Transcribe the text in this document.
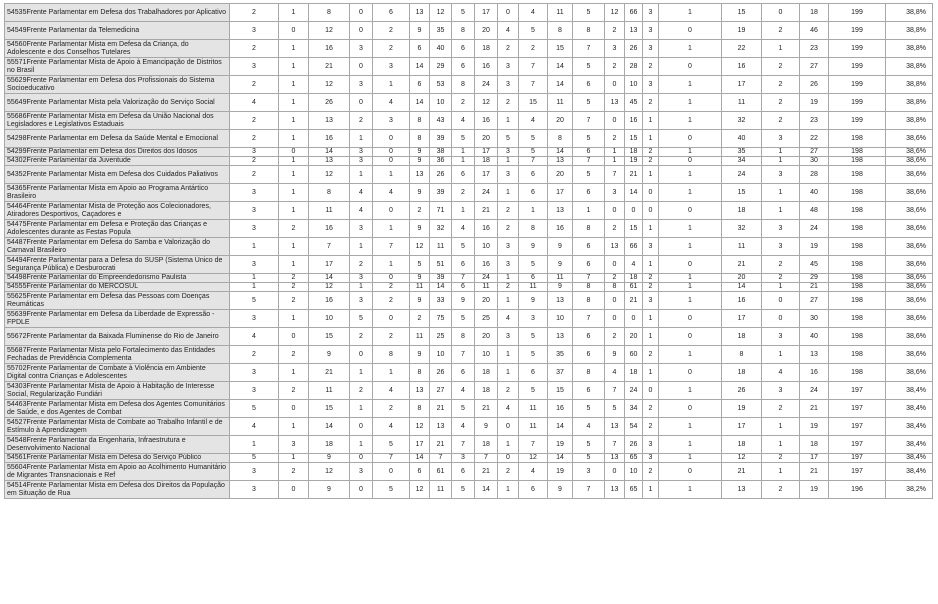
54535Frente Parlamentar em Defesa dos Trabalhadores por Aplicativo	2	1	8	0	6	13	12	5	17	0	4	11	5	12	66	3	1	15	0	18	199	38,8%
54549Frente Parlamentar da Telemedicina	3	0	12	0	2	9	35	8	20	4	5	8	8	2	13	3	0	19	2	46	199	38,8%
54560Frente Parlamentar Mista em Defesa da Criança, do Adolescente e dos Conselhos Tutelares	2	1	16	3	2	6	40	6	18	2	2	15	7	3	26	3	1	22	1	23	199	38,8%
55571Frente Parlamentar Mista de Apoio à Emancipação de Distritos no Brasil	3	1	21	0	3	14	29	6	16	3	7	14	5	2	28	2	0	16	2	27	199	38,8%
55629Frente Parlamentar em Defesa dos Profissionais do Sistema Socioeducativo	2	1	12	3	1	6	53	8	24	3	7	14	6	0	10	3	1	17	2	26	199	38,8%
55649Frente Parlamentar Mista pela Valorização do Serviço Social	4	1	26	0	4	14	10	2	12	2	15	11	5	13	45	2	1	11	2	19	199	38,8%
55686Frente Parlamentar Mista em Defesa da União Nacional dos Legisladores e Legislativos Estaduais	2	1	13	2	3	8	43	4	16	1	4	20	7	0	16	1	1	32	2	23	199	38,8%
54298Frente Parlamentar em Defesa da Saúde Mental e Emocional	2	1	16	1	0	8	39	5	20	5	5	8	5	2	15	1	0	40	3	22	198	38,6%
54299Frente Parlamentar em Defesa dos Direitos dos Idosos	3	0	14	3	0	9	38	1	17	3	5	14	6	1	18	2	1	35	1	27	198	38,6%
54302Frente Parlamentar da Juventude	2	1	13	3	0	9	36	1	18	1	7	13	7	1	19	2	0	34	1	30	198	38,6%
54352Frente Parlamentar Mista em Defesa dos Cuidados Paliativos	2	1	12	1	1	13	26	6	17	3	6	20	5	7	21	1	1	24	3	28	198	38,6%
54365Frente Parlamentar Mista em Apoio ao Programa Antártico Brasileiro	3	1	8	4	4	9	39	2	24	1	6	17	6	3	14	0	1	15	1	40	198	38,6%
54464Frente Parlamentar Mista de Proteção aos Colecionadores, Atiradores Desportivos, Caçadores e	3	1	11	4	0	2	71	1	21	2	1	13	1	0	0	0	0	18	1	48	198	38,6%
54475Frente Parlamentar em Defesa e Proteção das Crianças e Adolescentes durante as Festas Popula	3	2	16	3	1	9	32	4	16	2	8	16	8	2	15	1	1	32	3	24	198	38,6%
54487Frente Parlamentar em Defesa do Samba e Valorização do Carnaval Brasileiro	1	1	7	1	7	12	11	5	10	3	9	9	6	13	66	3	1	11	3	19	198	38,6%
54494Frente Parlamentar para a Defesa do SUSP (Sistema Único de Segurança Pública) e Desburocrati	3	1	17	2	1	5	51	6	16	3	5	9	6	0	4	1	0	21	2	45	198	38,6%
54498Frente Parlamentar do Empreendedorismo Paulista	1	2	14	3	0	9	39	7	24	1	6	11	7	2	18	2	1	20	2	29	198	38,6%
54555Frente Parlamentar do MERCOSUL	1	2	12	1	2	11	14	6	11	2	11	9	8	8	61	2	1	14	1	21	198	38,6%
55625Frente Parlamentar em Defesa das Pessoas com Doenças Reumáticas	5	2	16	3	2	9	33	9	20	1	9	13	8	0	21	3	1	16	0	27	198	38,6%
55639Frente Parlamentar em Defesa da Liberdade de Expressão - FPDLE	3	1	10	5	0	2	75	5	25	4	3	10	7	0	0	1	0	17	0	30	198	38,6%
55672Frente Parlamentar da Baixada Fluminense do Rio de Janeiro	4	0	15	2	2	11	25	8	20	3	5	13	6	2	20	1	0	18	3	40	198	38,6%
55687Frente Parlamentar Mista pelo Fortalecimento das Entidades Fechadas de Previdência Complementa	2	2	9	0	8	9	10	7	10	1	5	35	6	9	60	2	1	8	1	13	198	38,6%
55702Frente Parlamentar de Combate à Violência em Ambiente Digital contra Crianças e Adolescentes	3	1	21	1	1	8	26	6	18	1	6	37	8	4	18	1	0	18	4	16	198	38,6%
54303Frente Parlamentar Mista de Apoio à Habitação de Interesse Social, Regularização Fundiári	3	2	11	2	4	13	27	4	18	2	5	15	6	7	24	0	1	26	3	24	197	38,4%
54463Frente Parlamentar Mista em Defesa dos Agentes Comunitários de Saúde, e dos Agentes de Combat	5	0	15	1	2	8	21	5	21	4	11	16	5	5	34	2	0	19	2	21	197	38,4%
54527Frente Parlamentar Mista de Combate ao Trabalho Infantil e de Estímulo à Aprendizagem	4	1	14	0	4	12	13	4	9	0	11	14	4	13	54	2	1	17	1	19	197	38,4%
54548Frente Parlamentar da Engenharia, Infraestrutura e Desenvolvimento Nacional	1	3	18	1	5	17	21	7	18	1	7	19	5	7	26	3	1	18	1	18	197	38,4%
54561Frente Parlamentar Mista em Defesa do Serviço Público	5	1	9	0	7	14	7	3	7	0	12	14	5	13	65	3	1	12	2	17	197	38,4%
55604Frente Parlamentar Mista em Apoio ao Acolhimento Humanitário de Migrantes Transnacionais e Ref	3	2	12	3	0	6	61	6	21	2	4	19	3	0	10	2	0	21	1	21	197	38,4%
54514Frente Parlamentar Mista em Defesa dos Direitos da População em Situação de Rua	3	0	9	0	5	12	11	5	14	1	6	9	7	13	65	1	1	13	2	19	196	38,2%
